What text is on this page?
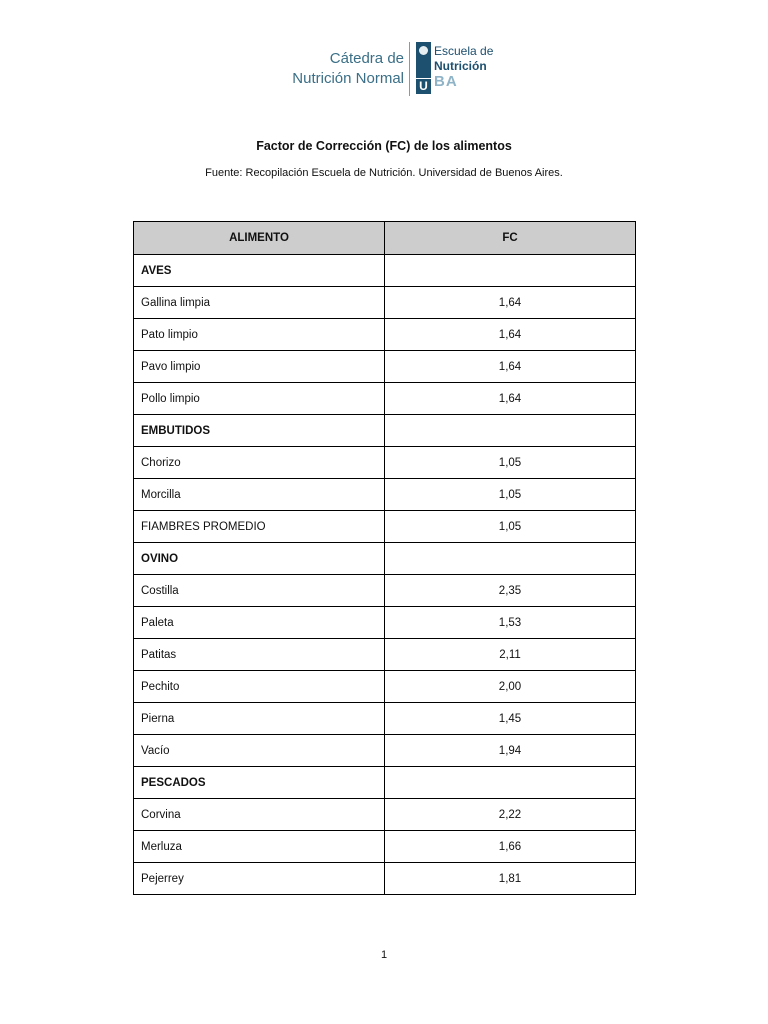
Cátedra de
Nutrición Normal U
Escuela de
Nutrición
BA
Factor de Corrección (FC) de los alimentos
Fuente: Recopilación Escuela de Nutrición. Universidad de Buenos Aires.
ALIMENTO	FC
AVES	
Gallina limpia	1,64
Pato limpio	1,64
Pavo limpio	1,64
Pollo limpio	1,64
EMBUTIDOS	
Chorizo	1,05
Morcilla	1,05
FIAMBRES PROMEDIO	1,05
OVINO	
Costilla	2,35
Paleta	1,53
Patitas	2,11
Pechito	2,00
Pierna	1,45
Vacío	1,94
PESCADOS	
Corvina	2,22
Merluza	1,66
Pejerrey	1,81
1
